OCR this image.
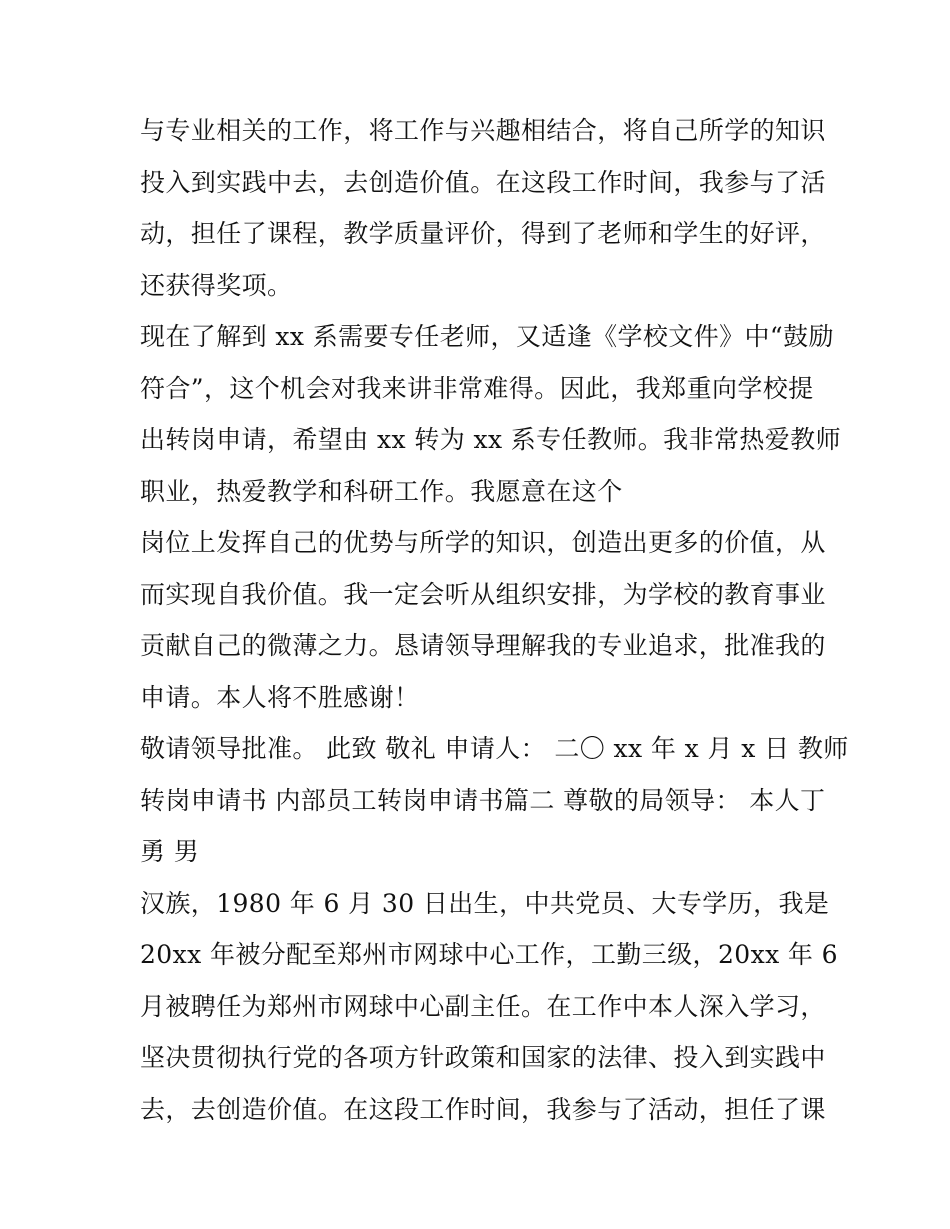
与专业相关的工作，将工作与兴趣相结合，将自己所学的知识
投入到实践中去，去创造价值。在这段工作时间，我参与了活
动，担任了课程，教学质量评价，得到了老师和学生的好评，
还获得奖项。
现在了解到 xx 系需要专任老师，又适逢《学校文件》中“鼓励
符合”，这个机会对我来讲非常难得。因此，我郑重向学校提
出转岗申请，希望由 xx 转为 xx 系专任教师。我非常热爱教师
职业，热爱教学和科研工作。我愿意在这个
岗位上发挥自己的优势与所学的知识，创造出更多的价值，从
而实现自我价值。我一定会听从组织安排，为学校的教育事业
贡献自己的微薄之力。恳请领导理解我的专业追求，批准我的
申请。本人将不胜感谢！
敬请领导批准。 此致 敬礼 申请人： 二〇 xx 年 x 月 x 日 教师
转岗申请书 内部员工转岗申请书篇二 尊敬的局领导： 本人丁
勇 男
汉族，1980 年 6 月 30 日出生，中共党员、大专学历，我是
20xx 年被分配至郑州市网球中心工作，工勤三级，20xx 年 6
月被聘任为郑州市网球中心副主任。在工作中本人深入学习，
坚决贯彻执行党的各项方针政策和国家的法律、投入到实践中
去，去创造价值。在这段工作时间，我参与了活动，担任了课
